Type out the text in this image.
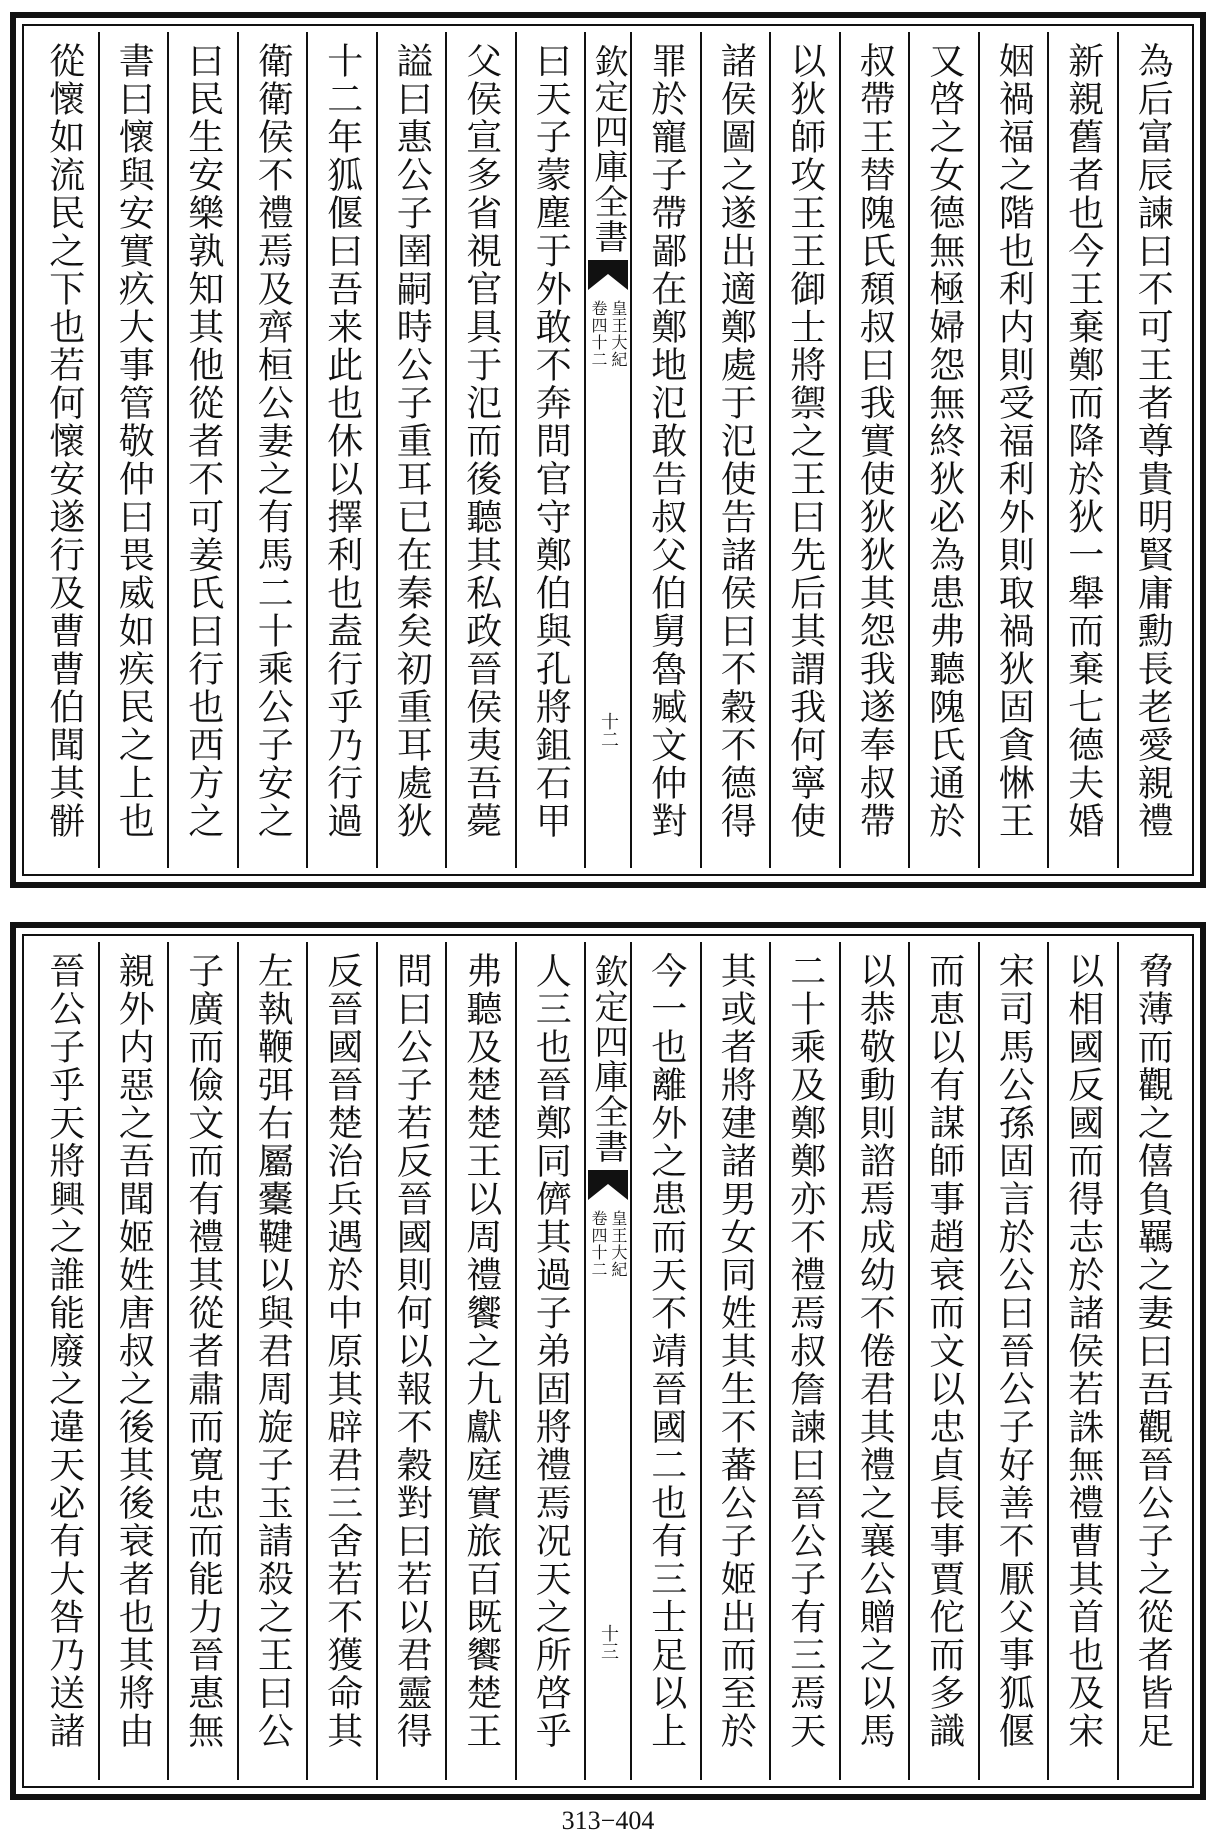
為后富辰諫曰不可王者尊貴明賢庸勳長老愛親禮
新親舊者也今王棄鄭而降於狄一舉而棄七德夫婚
姻禍福之階也利内則受福利外則取禍狄固貪惏王
又啓之女德無極婦怨無終狄必為患弗聽隗氏通於
叔帶王替隗氏頹叔曰我實使狄狄其怨我遂奉叔帶
以狄師攻王王御士將禦之王曰先后其謂我何寧使
諸侯圖之遂出適鄭處于氾使告諸侯曰不穀不德得
罪於寵子帶鄙在鄭地氾敢告叔父伯舅魯臧文仲對
欽定四庫全書
皇王大紀
卷四十二
十二
曰天子蒙塵于外敢不奔問官守鄭伯與孔將鉏石甲
父侯宣多省視官具于氾而後聽其私政晉侯夷吾薨
謚曰惠公子圉嗣時公子重耳已在秦矣初重耳處狄
十二年狐偃曰吾来此也休以擇利也盍行乎乃行過
衛衛侯不禮焉及齊桓公妻之有馬二十乘公子安之
曰民生安樂孰知其他從者不可姜氏曰行也西方之
書曰懷與安實疚大事管敬仲曰畏威如疾民之上也
從懷如流民之下也若何懷安遂行及曹曹伯聞其骿
脅薄而觀之僖負羈之妻曰吾觀晉公子之從者皆足
以相國反國而得志於諸侯若誅無禮曹其首也及宋
宋司馬公孫固言於公曰晉公子好善不厭父事狐偃
而恵以有謀師事趙衰而文以忠貞長事賈佗而多識
以恭敬動則諮焉成幼不倦君其禮之襄公贈之以馬
二十乘及鄭鄭亦不禮焉叔詹諫曰晉公子有三焉天
其或者將建諸男女同姓其生不蕃公子姬出而至於
今一也離外之患而天不靖晉國二也有三士足以上
欽定四庫全書
皇王大紀
卷四十二
十三
人三也晉鄭同儕其過子弟固將禮焉况天之所啓乎
弗聽及楚楚王以周禮饗之九獻庭實旅百既饗楚王
問曰公子若反晉國則何以報不穀對曰若以君靈得
反晉國晉楚治兵遇於中原其辟君三舍若不獲命其
左執鞭弭右屬櫜鞬以與君周旋子玉請殺之王曰公
子廣而儉文而有禮其從者肅而寛忠而能力晉惠無
親外内惡之吾聞姬姓唐叔之後其後衰者也其將由
晉公子乎天將興之誰能廢之違天必有大咎乃送諸
313−404
